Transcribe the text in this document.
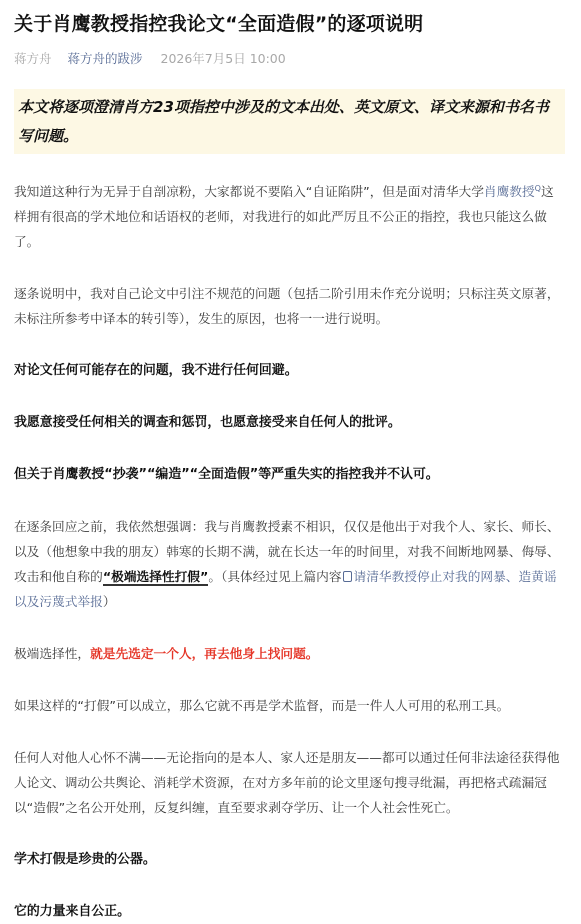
关于肖鹰教授指控我论文“全面造假”的逐项说明
蒋方舟 蒋方舟的跋涉 2026年7月5日 10:00
本文将逐项澄清肖方23项指控中涉及的文本出处、英文原文、译文来源和书名书写问题。

我知道这种行为无异于自剖凉粉，大家都说不要陷入“自证陷阱”，但是面对清华大学肖鹰教授$^Q$这样拥有很高的学术地位和话语权的老师，对我进行的如此严厉且不公正的指控，我也只能这么做了。

逐条说明中，我对自己论文中引注不规范的问题（包括二阶引用未作充分说明；只标注英文原著，未标注所参考中译本的转引等），发生的原因，也将一一进行说明。

对论文任何可能存在的问题，我不进行任何回避。

我愿意接受任何相关的调查和惩罚，也愿意接受来自任何人的批评。

但关于肖鹰教授“抄袭”“编造”“全面造假”等严重失实的指控我并不认可。

在逐条回应之前，我依然想强调：我与肖鹰教授素不相识，仅仅是他出于对我个人、家长、师长、以及（他想象中我的朋友）韩寒的长期不满，就在长达一年的时间里，对我不间断地网暴、侮辱、攻击和他自称的“极端选择性打假”。（具体经过见上篇内容 请清华教授停止对我的网暴、造黄谣以及污蔑式举报）

极端选择性，就是先选定一个人，再去他身上找问题。

如果这样的“打假”可以成立，那么它就不再是学术监督，而是一件人人可用的私刑工具。

任何人对他人心怀不满——无论指向的是本人、家人还是朋友——都可以通过任何非法途径获得他人论文、调动公共舆论、消耗学术资源，在对方多年前的论文里逐句搜寻纰漏，再把格式疏漏冠以“造假”之名公开处刑，反复纠缠，直至要求剥夺学历、让一个人社会性死亡。

学术打假是珍贵的公器。

它的力量来自公正。
